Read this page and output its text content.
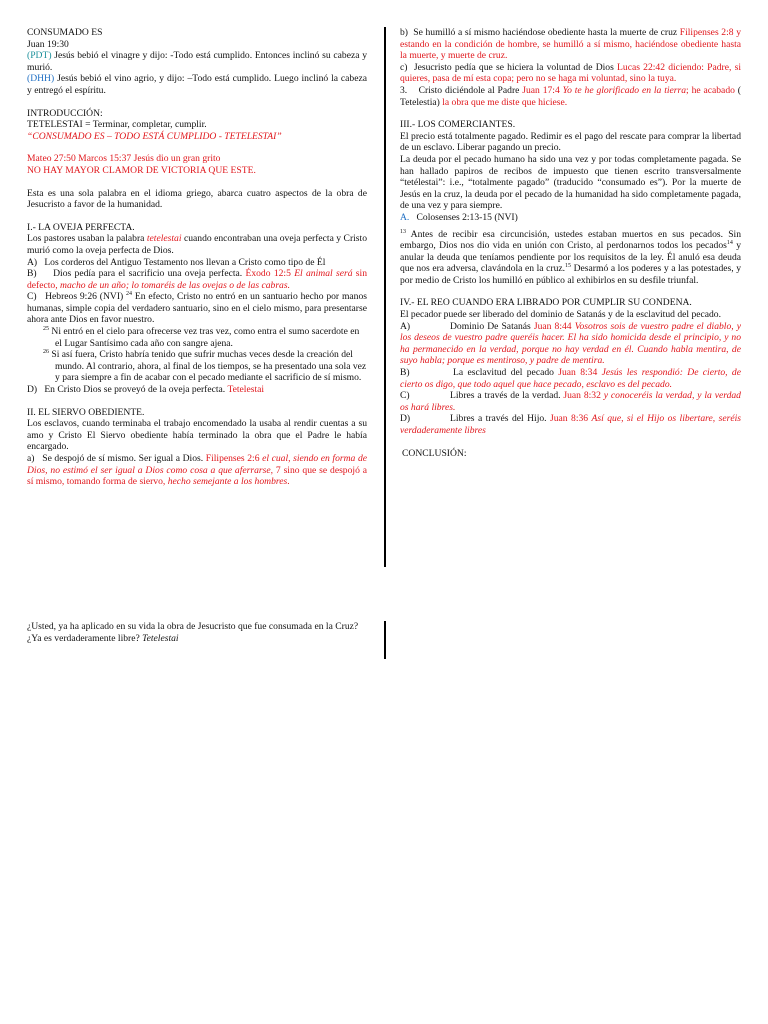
CONSUMADO ES

Juan 19:30

(PDT) Jesús bebió el vinagre y dijo: -Todo está cumplido. Entonces inclinó su cabeza y murió.

(DHH) Jesús bebió el vino agrio, y dijo: –Todo está cumplido. Luego inclinó la cabeza y entregó el espíritu.

INTRODUCCIÓN:

TETELESTAI = Terminar, completar, cumplir.

“CONSUMADO ES – TODO ESTÁ CUMPLIDO - TETELESTAI”

Mateo 27:50 Marcos 15:37 Jesús dio un gran grito

NO HAY MAYOR CLAMOR DE VICTORIA QUE ESTE.

Esta es una sola palabra en el idioma griego, abarca cuatro aspectos de la obra de Jesucristo a favor de la humanidad.

I.- LA OVEJA PERFECTA.

Los pastores usaban la palabra tetelestai cuando encontraban una oveja perfecta y Cristo murió como la oveja perfecta de Dios.

A)   Los corderos del Antiguo Testamento nos llevan a Cristo como tipo de Él

B)     Dios pedía para el sacrificio una oveja perfecta. Éxodo 12:5 El animal será sin defecto, macho de un año; lo tomaréis de las ovejas o de las cabras.

C)   Hebreos 9:26 (NVI) $^{24}$ En efecto, Cristo no entró en un santuario hecho por manos humanas, simple copia del verdadero santuario, sino en el cielo mismo, para presentarse ahora ante Dios en favor nuestro.

$^{25}$ Ni entró en el cielo para ofrecerse vez tras vez, como entra el sumo sacerdote en el Lugar Santísimo cada año con sangre ajena.

$^{26}$ Si así fuera, Cristo habría tenido que sufrir muchas veces desde la creación del mundo. Al contrario, ahora, al final de los tiempos, se ha presentado una sola vez y para siempre a fin de acabar con el pecado mediante el sacrificio de sí mismo.

D)   En Cristo Dios se proveyó de la oveja perfecta. Tetelestai

II. EL SIERVO OBEDIENTE.

Los esclavos, cuando terminaba el trabajo encomendado la usaba al rendir cuentas a su amo y Cristo El Siervo obediente había terminado la obra que el Padre le había encargado.

a)   Se despojó de sí mismo. Ser igual a Dios. Filipenses 2:6 el cual, siendo en forma de Dios, no estimó el ser igual a Dios como cosa a que aferrarse, 7 sino que se despojó a sí mismo, tomando forma de siervo, hecho semejante a los hombres.

¿Usted, ya ha aplicado en su vida la obra de Jesucristo que fue consumada en la Cruz? ¿Ya es verdaderamente libre? Tetelestai

b)  Se humilló a sí mismo haciéndose obediente hasta la muerte de cruz Filipenses 2:8 y estando en la condición de hombre, se humilló a sí mismo, haciéndose obediente hasta la muerte, y muerte de cruz.

c)  Jesucristo pedía que se hiciera la voluntad de Dios Lucas 22:42 diciendo: Padre, si quieres, pasa de mí esta copa; pero no se haga mi voluntad, sino la tuya.

3.    Cristo diciéndole al Padre Juan 17:4 Yo te he glorificado en la tierra; he acabado ( Tetelestia) la obra que me diste que hiciese.

III.- LOS COMERCIANTES.

El precio está totalmente pagado. Redimir es el pago del rescate para comprar la libertad de un esclavo. Liberar pagando un precio.

La deuda por el pecado humano ha sido una vez y por todas completamente pagada. Se han hallado papiros de recibos de impuesto que tienen escrito transversalmente “tetélestai”: i.e., “totalmente pagado” (traducido “consumado es”). Por la muerte de Jesús en la cruz, la deuda por el pecado de la humanidad ha sido completamente pagada, de una vez y para siempre.

A.   Colosenses 2:13-15 (NVI)

$^{13}$ Antes de recibir esa circuncisión, ustedes estaban muertos en sus pecados. Sin embargo, Dios nos dio vida en unión con Cristo, al perdonarnos todos los pecados$^{14}$ y anular la deuda que teníamos pendiente por los requisitos de la ley. Él anuló esa deuda que nos era adversa, clavándola en la cruz.$^{15}$ Desarmó a los poderes y a las potestades, y por medio de Cristo los humilló en público al exhibirlos en su desfile triunfal.

IV.- EL REO CUANDO ERA LIBRADO POR CUMPLIR SU CONDENA.

El pecador puede ser liberado del dominio de Satanás y de la esclavitud del pecado.

A)	Dominio De Satanás Juan 8:44 Vosotros sois de vuestro padre el diablo, y los deseos de vuestro padre queréis hacer. El ha sido homicida desde el principio, y no ha permanecido en la verdad, porque no hay verdad en él. Cuando habla mentira, de suyo habla; porque es mentiroso, y padre de mentira.

B)	La esclavitud del pecado Juan 8:34 Jesús les respondió: De cierto, de cierto os digo, que todo aquel que hace pecado, esclavo es del pecado.

C)	Libres a través de la verdad. Juan 8:32 y conoceréis la verdad, y la verdad os hará libres.

D)	Libres a través del Hijo. Juan 8:36 Así que, si el Hijo os libertare, seréis verdaderamente libres

CONCLUSIÓN:
